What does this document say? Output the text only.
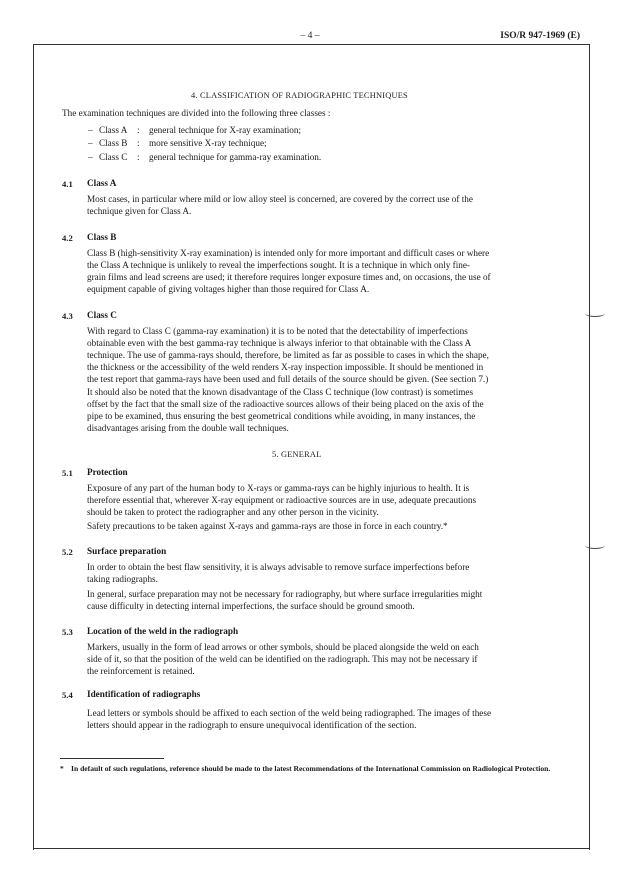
– 4 –	ISO/R 947-1969 (E)
4. CLASSIFICATION OF RADIOGRAPHIC TECHNIQUES
The examination techniques are divided into the following three classes :
– Class A : general technique for X-ray examination;
– Class B : more sensitive X-ray technique;
– Class C : general technique for gamma-ray examination.
4.1 Class A
Most cases, in particular where mild or low alloy steel is concerned, are covered by the correct use of the
technique given for Class A.
4.2 Class B
Class B (high-sensitivity X-ray examination) is intended only for more important and difficult cases or where
the Class A technique is unlikely to reveal the imperfections sought. It is a technique in which only fine-
grain films and lead screens are used; it therefore requires longer exposure times and, on occasions, the use of
equipment capable of giving voltages higher than those required for Class A.
4.3 Class C
With regard to Class C (gamma-ray examination) it is to be noted that the detectability of imperfections
obtainable even with the best gamma-ray technique is always inferior to that obtainable with the Class A
technique. The use of gamma-rays should, therefore, be limited as far as possible to cases in which the shape,
the thickness or the accessibility of the weld renders X-ray inspection impossible. It should be mentioned in
the test report that gamma-rays have been used and full details of the source should be given. (See section 7.)
It should also be noted that the known disadvantage of the Class C technique (low contrast) is sometimes
offset by the fact that the small size of the radioactive sources allows of their being placed on the axis of the
pipe to be examined, thus ensuring the best geometrical conditions while avoiding, in many instances, the
disadvantages arising from the double wall techniques.
5. GENERAL
5.1 Protection
Exposure of any part of the human body to X-rays or gamma-rays can be highly injurious to health. It is
therefore essential that, wherever X-ray equipment or radioactive sources are in use, adequate precautions
should be taken to protect the radiographer and any other person in the vicinity.
Safety precautions to be taken against X-rays and gamma-rays are those in force in each country.*
5.2 Surface preparation
In order to obtain the best flaw sensitivity, it is always advisable to remove surface imperfections before
taking radiographs.
In general, surface preparation may not be necessary for radiography, but where surface irregularities might
cause difficulty in detecting internal imperfections, the surface should be ground smooth.
5.3 Location of the weld in the radiograph
Markers, usually in the form of lead arrows or other symbols, should be placed alongside the weld on each
side of it, so that the position of the weld can be identified on the radiograph. This may not be necessary if
the reinforcement is retained.
5.4 Identification of radiographs
Lead letters or symbols should be affixed to each section of the weld being radiographed. The images of these
letters should appear in the radiograph to ensure unequivocal identification of the section.
* In default of such regulations, reference should be made to the latest Recommendations of the International Commission on Radiological Protection.
